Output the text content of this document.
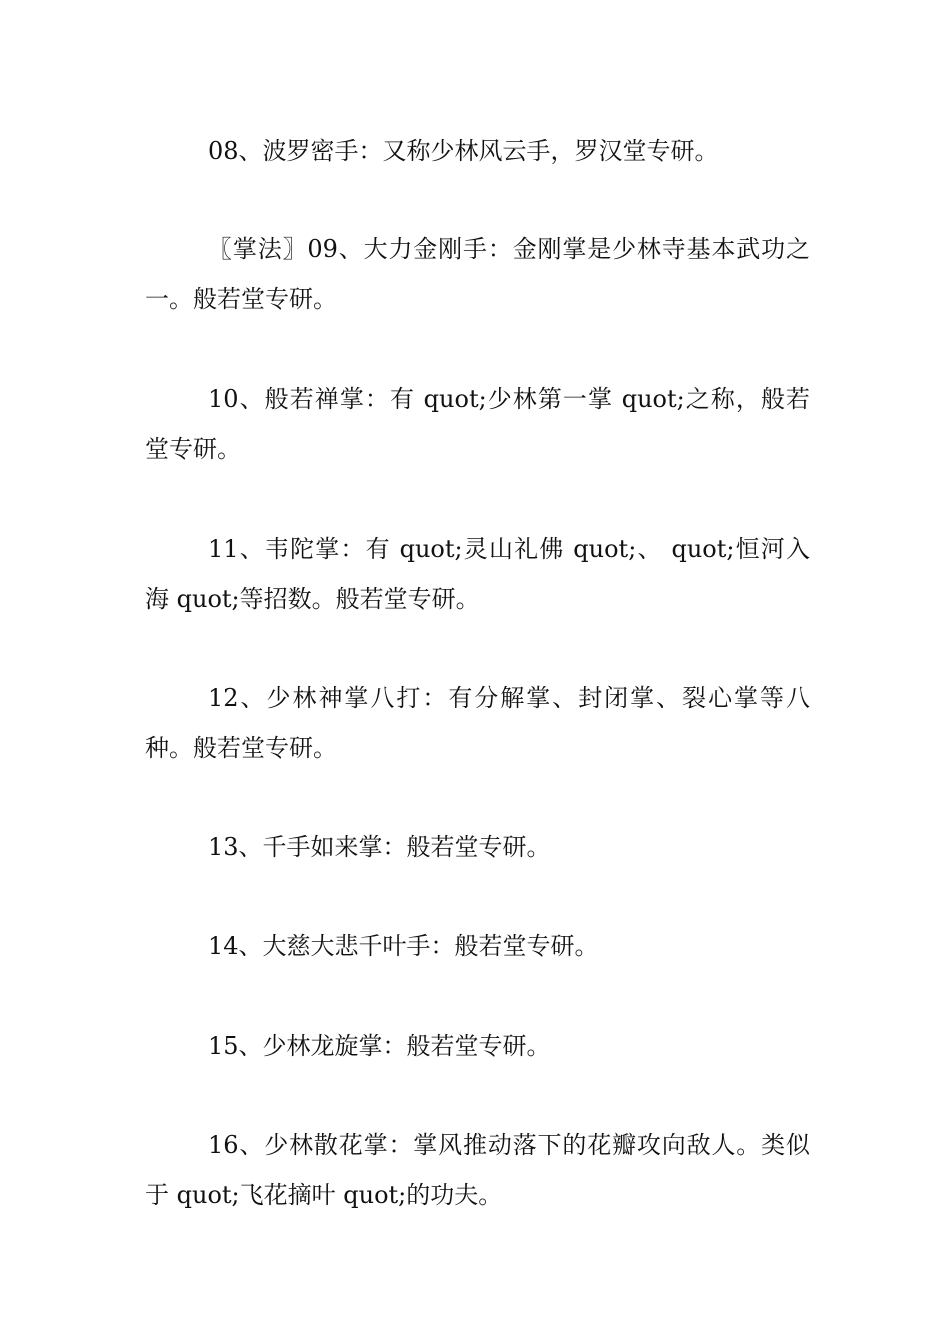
08、波罗密手：又称少林风云手，罗汉堂专研。

〖掌法〗09、大力金刚手：金刚掌是少林寺基本武功之一。般若堂专研。

10、般若禅掌：有 quot;少林第一掌 quot;之称，般若堂专研。

11、韦陀掌：有 quot;灵山礼佛 quot;、 quot;恒河入海 quot;等招数。般若堂专研。

12、少林神掌八打：有分解掌、封闭掌、裂心掌等八种。般若堂专研。

13、千手如来掌：般若堂专研。

14、大慈大悲千叶手：般若堂专研。

15、少林龙旋掌：般若堂专研。

16、少林散花掌：掌风推动落下的花瓣攻向敌人。类似于 quot;飞花摘叶 quot;的功夫。
